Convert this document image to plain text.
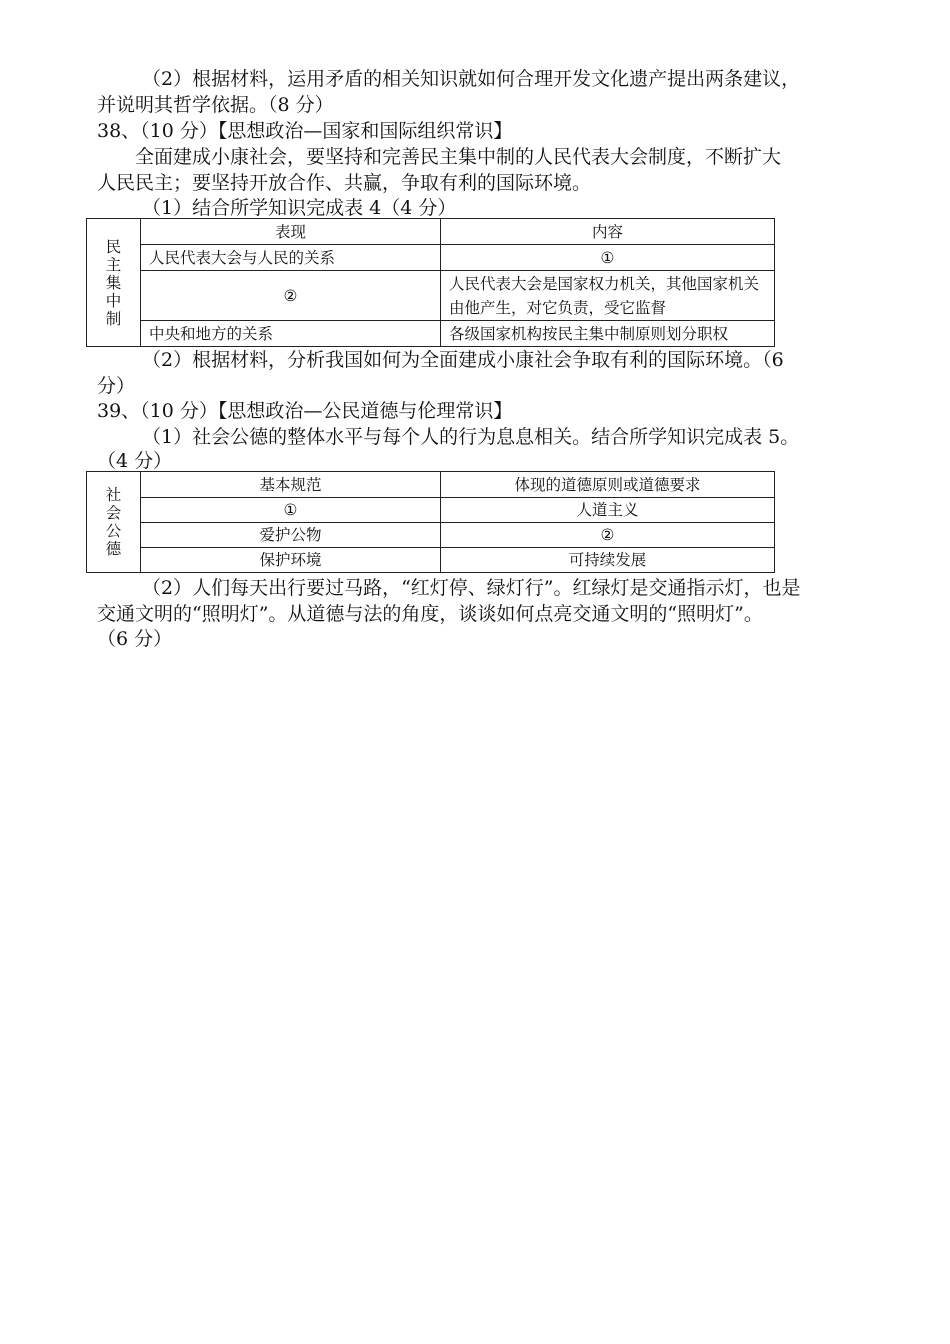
（2）根据材料，运用矛盾的相关知识就如何合理开发文化遗产提出两条建议，
并说明其哲学依据。（8 分）
38、（10 分）【思想政治—国家和国际组织常识】
全面建成小康社会，要坚持和完善民主集中制的人民代表大会制度，不断扩大
人民民主；要坚持开放合作、共赢，争取有利的国际环境。
（1）结合所学知识完成表 4（4 分）
民主集中制	表现	内容
	人民代表大会与人民的关系	①
	②	人民代表大会是国家权力机关，其他国家机关由他产生，对它负责，受它监督
	中央和地方的关系	各级国家机构按民主集中制原则划分职权
（2）根据材料，分析我国如何为全面建成小康社会争取有利的国际环境。（6
分）
39、（10 分）【思想政治—公民道德与伦理常识】
（1）社会公德的整体水平与每个人的行为息息相关。结合所学知识完成表 5。
（4 分）
社会公德	基本规范	体现的道德原则或道德要求
	①	人道主义
	爱护公物	②
	保护环境	可持续发展
（2）人们每天出行要过马路，“红灯停、绿灯行”。红绿灯是交通指示灯，也是
交通文明的“照明灯”。从道德与法的角度，谈谈如何点亮交通文明的“照明灯”。
（6 分）
